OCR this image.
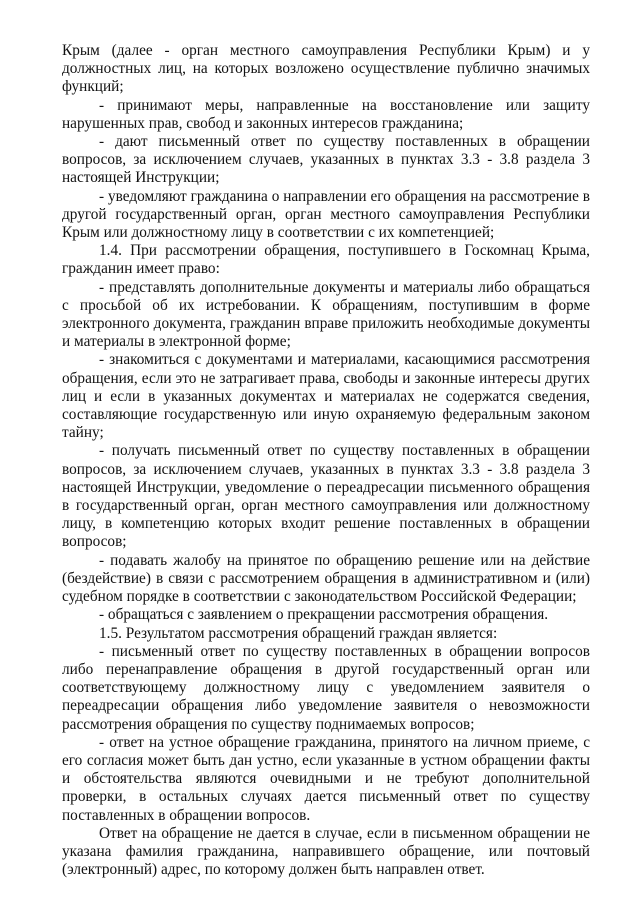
Крым (далее - орган местного самоуправления Республики Крым) и у должностных лиц, на которых возложено осуществление публично значимых функций;

- принимают меры, направленные на восстановление или защиту нарушенных прав, свобод и законных интересов гражданина;

- дают письменный ответ по существу поставленных в обращении вопросов, за исключением случаев, указанных в пунктах 3.3 - 3.8 раздела 3 настоящей Инструкции;

- уведомляют гражданина о направлении его обращения на рассмотрение в другой государственный орган, орган местного самоуправления Республики Крым или должностному лицу в соответствии с их компетенцией;

1.4. При рассмотрении обращения, поступившего в Госкомнац Крыма, гражданин имеет право:

- представлять дополнительные документы и материалы либо обращаться с просьбой об их истребовании. К обращениям, поступившим в форме электронного документа, гражданин вправе приложить необходимые документы и материалы в электронной форме;

- знакомиться с документами и материалами, касающимися рассмотрения обращения, если это не затрагивает права, свободы и законные интересы других лиц и если в указанных документах и материалах не содержатся сведения, составляющие государственную или иную охраняемую федеральным законом тайну;

- получать письменный ответ по существу поставленных в обращении вопросов, за исключением случаев, указанных в пунктах 3.3 - 3.8 раздела 3 настоящей Инструкции, уведомление о переадресации письменного обращения в государственный орган, орган местного самоуправления или должностному лицу, в компетенцию которых входит решение поставленных в обращении вопросов;

- подавать жалобу на принятое по обращению решение или на действие (бездействие) в связи с рассмотрением обращения в административном и (или) судебном порядке в соответствии с законодательством Российской Федерации;

- обращаться с заявлением о прекращении рассмотрения обращения.

1.5. Результатом рассмотрения обращений граждан является:

- письменный ответ по существу поставленных в обращении вопросов либо перенаправление обращения в другой государственный орган или соответствующему должностному лицу с уведомлением заявителя о переадресации обращения либо уведомление заявителя о невозможности рассмотрения обращения по существу поднимаемых вопросов;

- ответ на устное обращение гражданина, принятого на личном приеме, с его согласия может быть дан устно, если указанные в устном обращении факты и обстоятельства являются очевидными и не требуют дополнительной проверки, в остальных случаях дается письменный ответ по существу поставленных в обращении вопросов.

Ответ на обращение не дается в случае, если в письменном обращении не указана фамилия гражданина, направившего обращение, или почтовый (электронный) адрес, по которому должен быть направлен ответ.
